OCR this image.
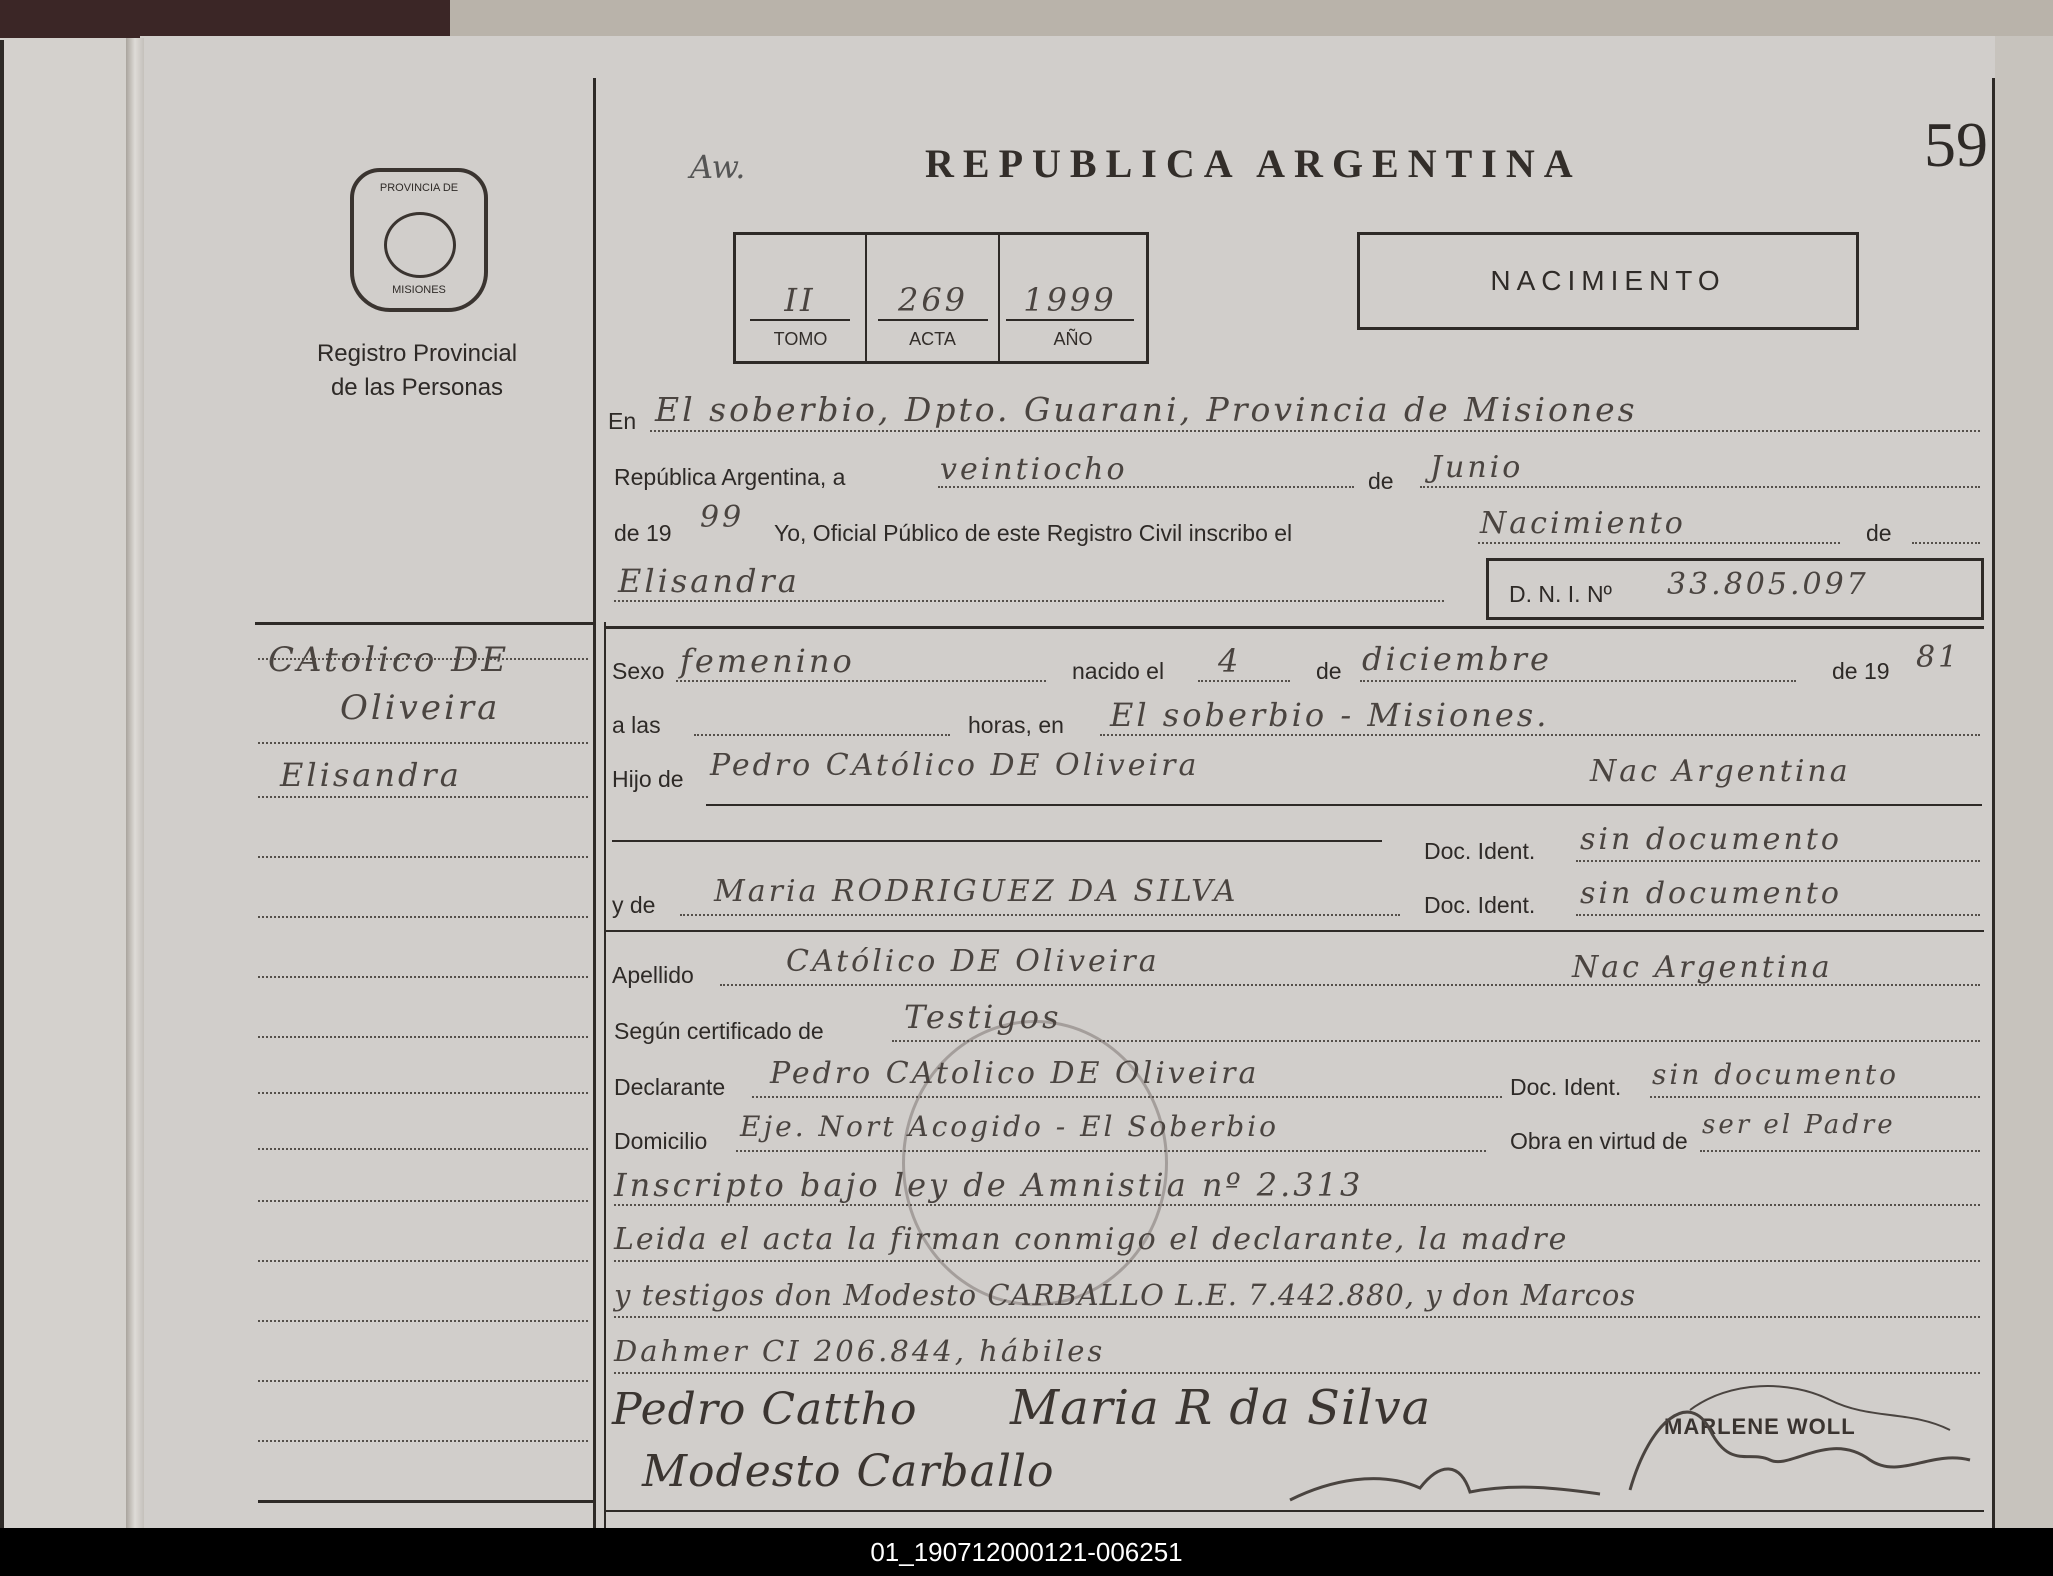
Aw.	REPUBLICA ARGENTINA	59
PROVINCIA DE
MISIONES
Registro Provincial
de las Personas
II	269	1999
TOMO	ACTA	AÑO
NACIMIENTO
CAtolico DE
Oliveira
Elisandra
En El soberbio, Dpto. Guarani, Provincia de Misiones
República Argentina, a	veintiocho	de Junio
de 19 99 Yo, Oficial Público de este Registro Civil inscribo el	Nacimiento	de
Elisandra	D. N. I. Nº 33.805.097
Sexo femenino	nacido el 4	de diciembre	de 19 81
a las	horas, en El soberbio - Misiones.
Hijo de Pedro CAtólico DE Oliveira	Nac Argentina
Doc. Ident. sin documento
y de Maria RODRIGUEZ DA SILVA	Doc. Ident. sin documento
Apellido	CAtólico DE Oliveira	Nac Argentina
Según certificado de	Testigos
Declarante Pedro CAtolico DE Oliveira	Doc. Ident. sin documento
Domicilio Eje. Nort Acogido - El Soberbio	Obra en virtud de
ser el Padre
Inscripto bajo ley de Amnistia nº 2.313
Leida el acta la firman conmigo el declarante, la madre
y testigos don Modesto CARBALLO L.E. 7.442.880, y don Marcos
Dahmer CI 206.844, hábiles
Pedro Cattho Maria R da Silva	MARLENE WOLL
Modesto Carballo
01_190712000121-006251
